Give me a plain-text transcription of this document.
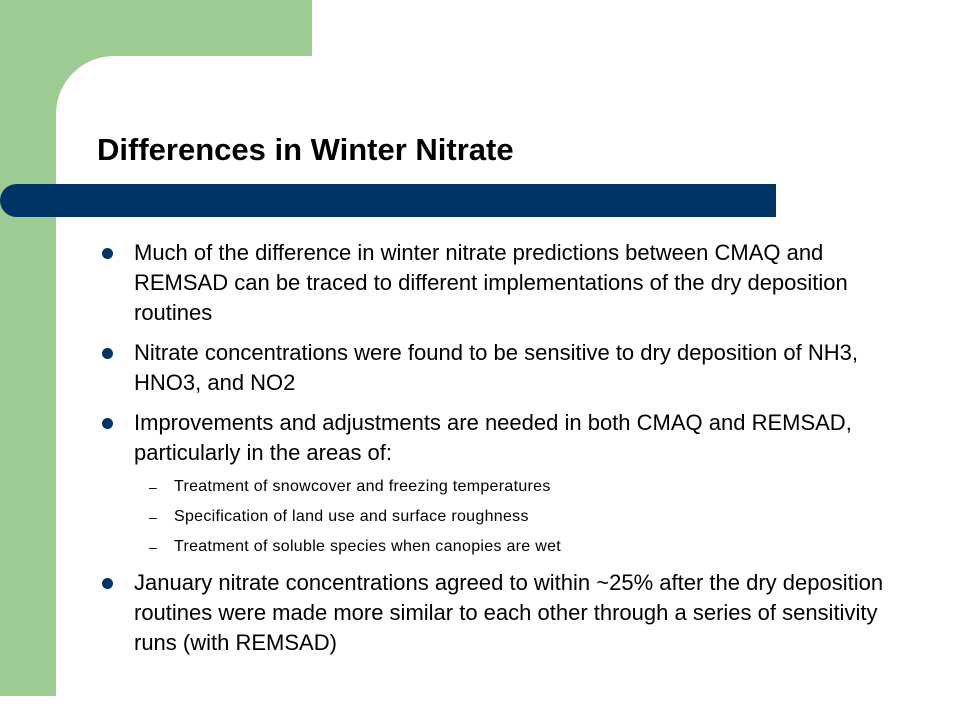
Differences in Winter Nitrate
Much of the difference in winter nitrate predictions between CMAQ and REMSAD can be traced to different implementations of the dry deposition routines
Nitrate concentrations were found to be sensitive to dry deposition of NH3, HNO3, and NO2
Improvements and adjustments are needed in both CMAQ and REMSAD, particularly in the areas of:
– Treatment of snowcover and freezing temperatures
– Specification of land use and surface roughness
– Treatment of soluble species when canopies are wet
January nitrate concentrations agreed to within ~25% after the dry deposition routines were made more similar to each other through a series of sensitivity runs (with REMSAD)
